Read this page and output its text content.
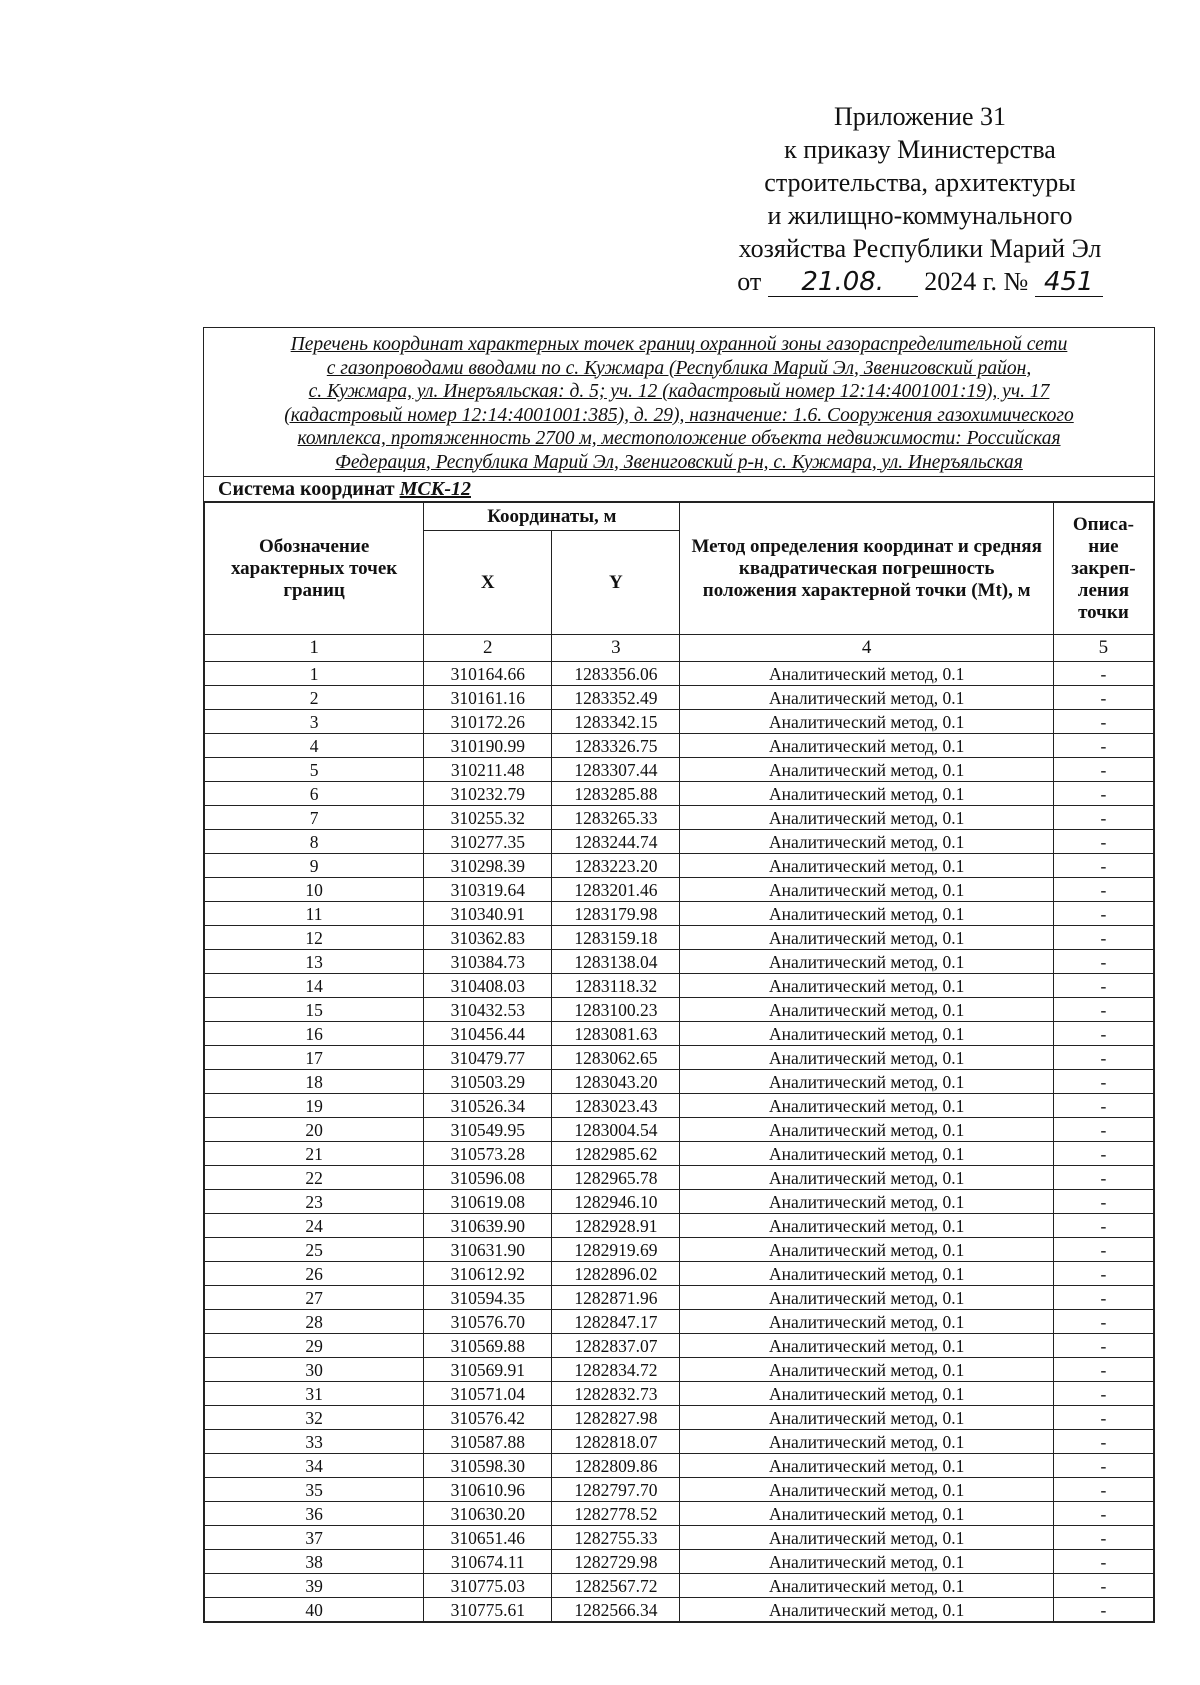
Приложение 31
к приказу Министерства
строительства, архитектуры
и жилищно-коммунального
хозяйства Республики Марий Эл
от 21.08. 2024 г. № 451
Перечень координат характерных точек границ охранной зоны газораспределительной сети
с газопроводами вводами по с. Кужмара (Республика Марий Эл, Звениговский район,
с. Кужмара, ул. Инеръяльская: д. 5; уч. 12 (кадастровый номер 12:14:4001001:19), уч. 17
(кадастровый номер 12:14:4001001:385), д. 29), назначение: 1.6. Сооружения газохимического
комплекса, протяженность 2700 м, местоположение объекта недвижимости: Российская
Федерация, Республика Марий Эл, Звениговский р-н, с. Кужмара, ул. Инеръяльская
Система координат МСК-12
Обозначение характерных точек границ	Координаты, м		Метод определения координат и средняя квадратическая погрешность положения характерной точки (Mt), м	Описа- ние закреп- ления точки
	X	Y		
1	2	3	4	5
1	310164.66	1283356.06	Аналитический метод, 0.1	-
2	310161.16	1283352.49	Аналитический метод, 0.1	-
3	310172.26	1283342.15	Аналитический метод, 0.1	-
4	310190.99	1283326.75	Аналитический метод, 0.1	-
5	310211.48	1283307.44	Аналитический метод, 0.1	-
6	310232.79	1283285.88	Аналитический метод, 0.1	-
7	310255.32	1283265.33	Аналитический метод, 0.1	-
8	310277.35	1283244.74	Аналитический метод, 0.1	-
9	310298.39	1283223.20	Аналитический метод, 0.1	-
10	310319.64	1283201.46	Аналитический метод, 0.1	-
11	310340.91	1283179.98	Аналитический метод, 0.1	-
12	310362.83	1283159.18	Аналитический метод, 0.1	-
13	310384.73	1283138.04	Аналитический метод, 0.1	-
14	310408.03	1283118.32	Аналитический метод, 0.1	-
15	310432.53	1283100.23	Аналитический метод, 0.1	-
16	310456.44	1283081.63	Аналитический метод, 0.1	-
17	310479.77	1283062.65	Аналитический метод, 0.1	-
18	310503.29	1283043.20	Аналитический метод, 0.1	-
19	310526.34	1283023.43	Аналитический метод, 0.1	-
20	310549.95	1283004.54	Аналитический метод, 0.1	-
21	310573.28	1282985.62	Аналитический метод, 0.1	-
22	310596.08	1282965.78	Аналитический метод, 0.1	-
23	310619.08	1282946.10	Аналитический метод, 0.1	-
24	310639.90	1282928.91	Аналитический метод, 0.1	-
25	310631.90	1282919.69	Аналитический метод, 0.1	-
26	310612.92	1282896.02	Аналитический метод, 0.1	-
27	310594.35	1282871.96	Аналитический метод, 0.1	-
28	310576.70	1282847.17	Аналитический метод, 0.1	-
29	310569.88	1282837.07	Аналитический метод, 0.1	-
30	310569.91	1282834.72	Аналитический метод, 0.1	-
31	310571.04	1282832.73	Аналитический метод, 0.1	-
32	310576.42	1282827.98	Аналитический метод, 0.1	-
33	310587.88	1282818.07	Аналитический метод, 0.1	-
34	310598.30	1282809.86	Аналитический метод, 0.1	-
35	310610.96	1282797.70	Аналитический метод, 0.1	-
36	310630.20	1282778.52	Аналитический метод, 0.1	-
37	310651.46	1282755.33	Аналитический метод, 0.1	-
38	310674.11	1282729.98	Аналитический метод, 0.1	-
39	310775.03	1282567.72	Аналитический метод, 0.1	-
40	310775.61	1282566.34	Аналитический метод, 0.1	-
